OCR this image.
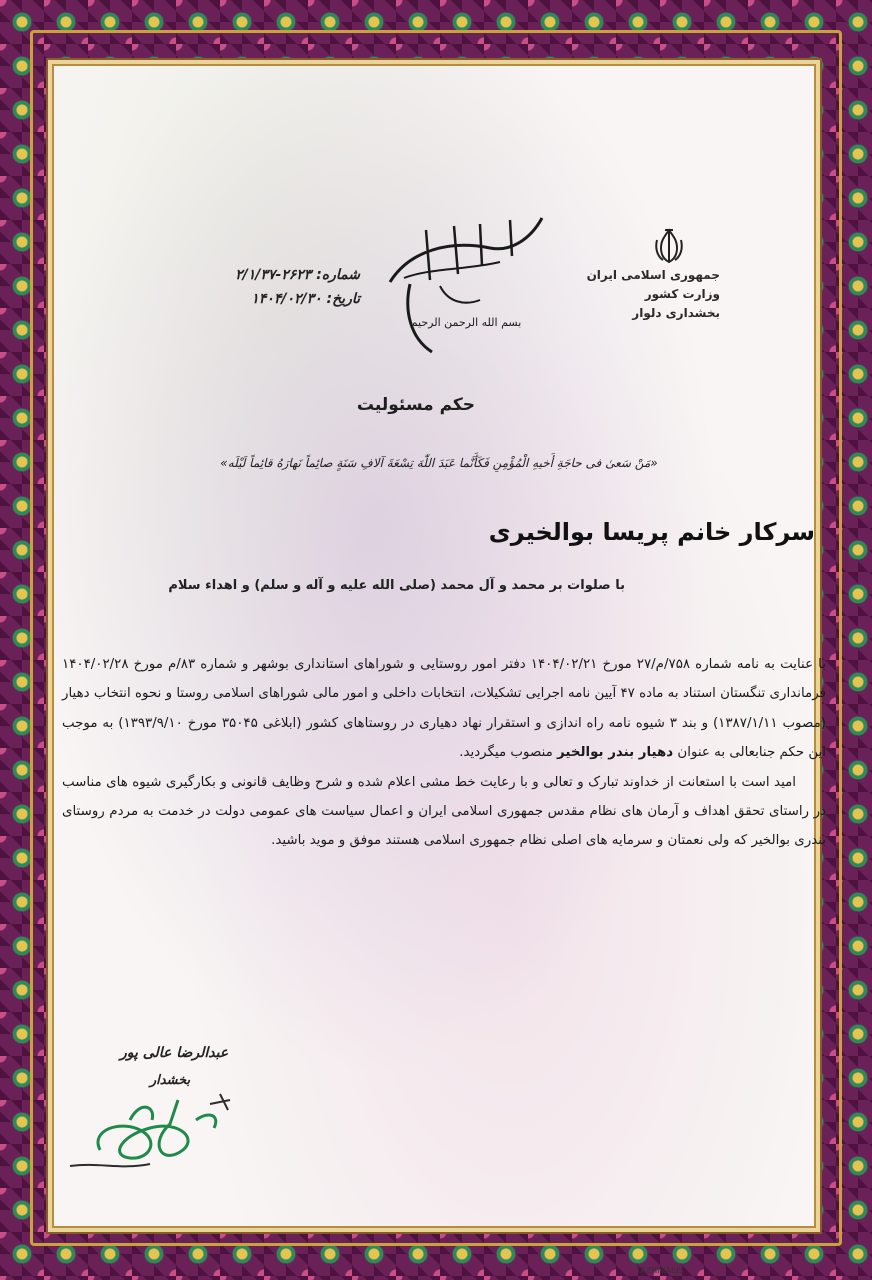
جمهوری اسلامی ایران
وزارت کشور
بخشداری دلوار
بسم الله الرحمن الرحیم
شماره: ۲۶۲۳-۲/۱/۳۷
تاریخ: ۱۴۰۴/۰۲/۳۰
حکم مسئولیت
«مَنْ سَعیٰ فی حاجَةِ أَخیهِ الْمُؤْمِنِ فَکَأَنَّما عَبَدَ اللّٰهَ تِسْعَةَ آلافِ سَنَةٍ صائِماً نَهارَهُ قائِماً لَیْلَه»
سرکار خانم پریسا بوالخیری
با صلوات بر محمد و آل محمد (صلی الله علیه و آله و سلم) و اهداء سلام

با عنایت به نامه شماره ۷۵۸/م/۲۷ مورخ ۱۴۰۴/۰۲/۲۱ دفتر امور روستایی و شوراهای استانداری بوشهر و شماره ۸۳/م مورخ ۱۴۰۴/۰۲/۲۸ فرمانداری تنگستان استناد به ماده ۴۷ آیین نامه اجرایی تشکیلات، انتخابات داخلی و امور مالی شوراهای اسلامی روستا و نحوه انتخاب دهیار (مصوب ۱۳۸۷/۱/۱۱) و بند ۳ شیوه نامه راه اندازی و استقرار نهاد دهیاری در روستاهای کشور (ابلاغی ۳۵۰۴۵ مورخ ۱۳۹۳/۹/۱۰) به موجب این حکم جنابعالی به عنوان دهیار بندر بوالخیر منصوب میگردید.

امید است با استعانت از خداوند تبارک و تعالی و با رعایت خط مشی اعلام شده و شرح وظایف قانونی و بکارگیری شیوه های مناسب در راستای تحقق اهداف و آرمان های نظام مقدس جمهوری اسلامی ایران و اعمال سیاست های عمومی دولت در خدمت به مردم روستای بندری بوالخیر که ولی نعمتان و سرمایه های اصلی نظام جمهوری اسلامی هستند موفق و موید باشید.

عبدالرضا عالی پور
بخشدار
TAZHINAEIS
